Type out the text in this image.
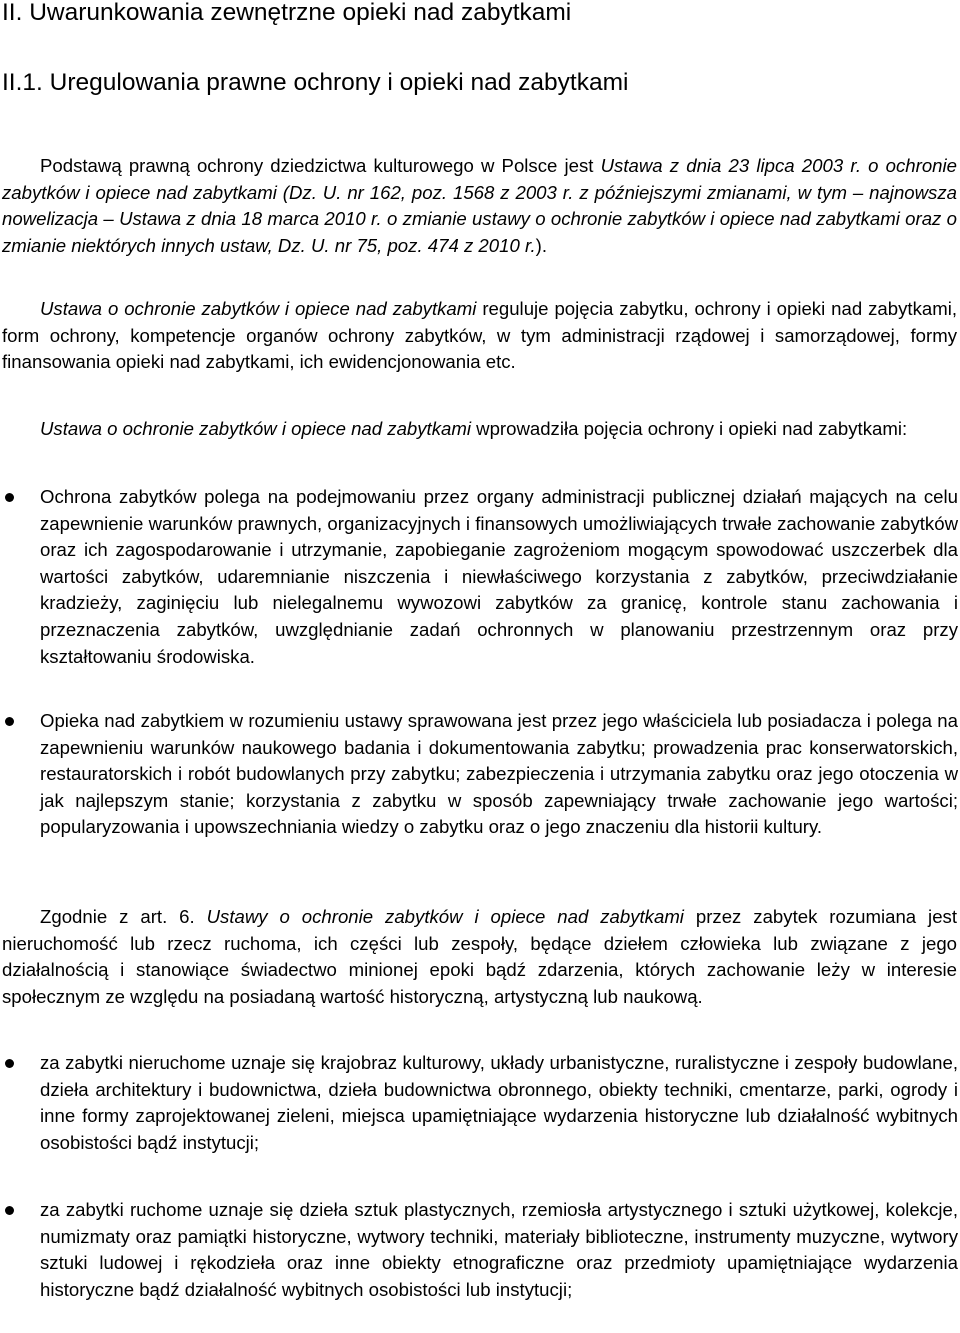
II. Uwarunkowania zewnętrzne opieki nad zabytkami
II.1. Uregulowania prawne ochrony i opieki nad zabytkami
Podstawą prawną ochrony dziedzictwa kulturowego w Polsce jest Ustawa z dnia 23 lipca 2003 r. o ochronie zabytków i opiece nad zabytkami (Dz. U. nr 162, poz. 1568 z 2003 r. z późniejszymi zmianami, w tym – najnowsza nowelizacja – Ustawa z dnia 18 marca 2010 r. o zmianie ustawy o ochronie zabytków i opiece nad zabytkami oraz o zmianie niektórych innych ustaw, Dz. U. nr 75, poz. 474 z 2010 r.).
Ustawa o ochronie zabytków i opiece nad zabytkami reguluje pojęcia zabytku, ochrony i opieki nad zabytkami, form ochrony, kompetencje organów ochrony zabytków, w tym administracji rządowej i samorządowej, formy finansowania opieki nad zabytkami, ich ewidencjonowania etc.
Ustawa o ochronie zabytków i opiece nad zabytkami wprowadziła pojęcia ochrony i opieki nad zabytkami:
Ochrona zabytków polega na podejmowaniu przez organy administracji publicznej działań mających na celu zapewnienie warunków prawnych, organizacyjnych i finansowych umożliwiających trwałe zachowanie zabytków oraz ich zagospodarowanie i utrzymanie, zapobieganie zagrożeniom mogącym spowodować uszczerbek dla wartości zabytków, udaremnianie niszczenia i niewłaściwego korzystania z zabytków, przeciwdziałanie kradzieży, zaginięciu lub nielegalnemu wywozowi zabytków za granicę, kontrole stanu zachowania i przeznaczenia zabytków, uwzględnianie zadań ochronnych w planowaniu przestrzennym oraz przy kształtowaniu środowiska.
Opieka nad zabytkiem w rozumieniu ustawy sprawowana jest przez jego właściciela lub posiadacza i polega na zapewnieniu warunków naukowego badania i dokumentowania zabytku; prowadzenia prac konserwatorskich, restauratorskich i robót budowlanych przy zabytku; zabezpieczenia i utrzymania zabytku oraz jego otoczenia w jak najlepszym stanie; korzystania z zabytku w sposób zapewniający trwałe zachowanie jego wartości; popularyzowania i upowszechniania wiedzy o zabytku oraz o jego znaczeniu dla historii kultury.
Zgodnie z art. 6. Ustawy o ochronie zabytków i opiece nad zabytkami przez zabytek rozumiana jest nieruchomość lub rzecz ruchoma, ich części lub zespoły, będące dziełem człowieka lub związane z jego działalnością i stanowiące świadectwo minionej epoki bądź zdarzenia, których zachowanie leży w interesie społecznym ze względu na posiadaną wartość historyczną, artystyczną lub naukową.
za zabytki nieruchome uznaje się krajobraz kulturowy, układy urbanistyczne, ruralistyczne i zespoły budowlane, dzieła architektury i budownictwa, dzieła budownictwa obronnego, obiekty techniki, cmentarze, parki, ogrody i inne formy zaprojektowanej zieleni, miejsca upamiętniające wydarzenia historyczne lub działalność wybitnych osobistości bądź instytucji;
za zabytki ruchome uznaje się dzieła sztuk plastycznych, rzemiosła artystycznego i sztuki użytkowej, kolekcje, numizmaty oraz pamiątki historyczne, wytwory techniki, materiały biblioteczne, instrumenty muzyczne, wytwory sztuki ludowej i rękodzieła oraz inne obiekty etnograficzne oraz przedmioty upamiętniające wydarzenia historyczne bądź działalność wybitnych osobistości lub instytucji;
